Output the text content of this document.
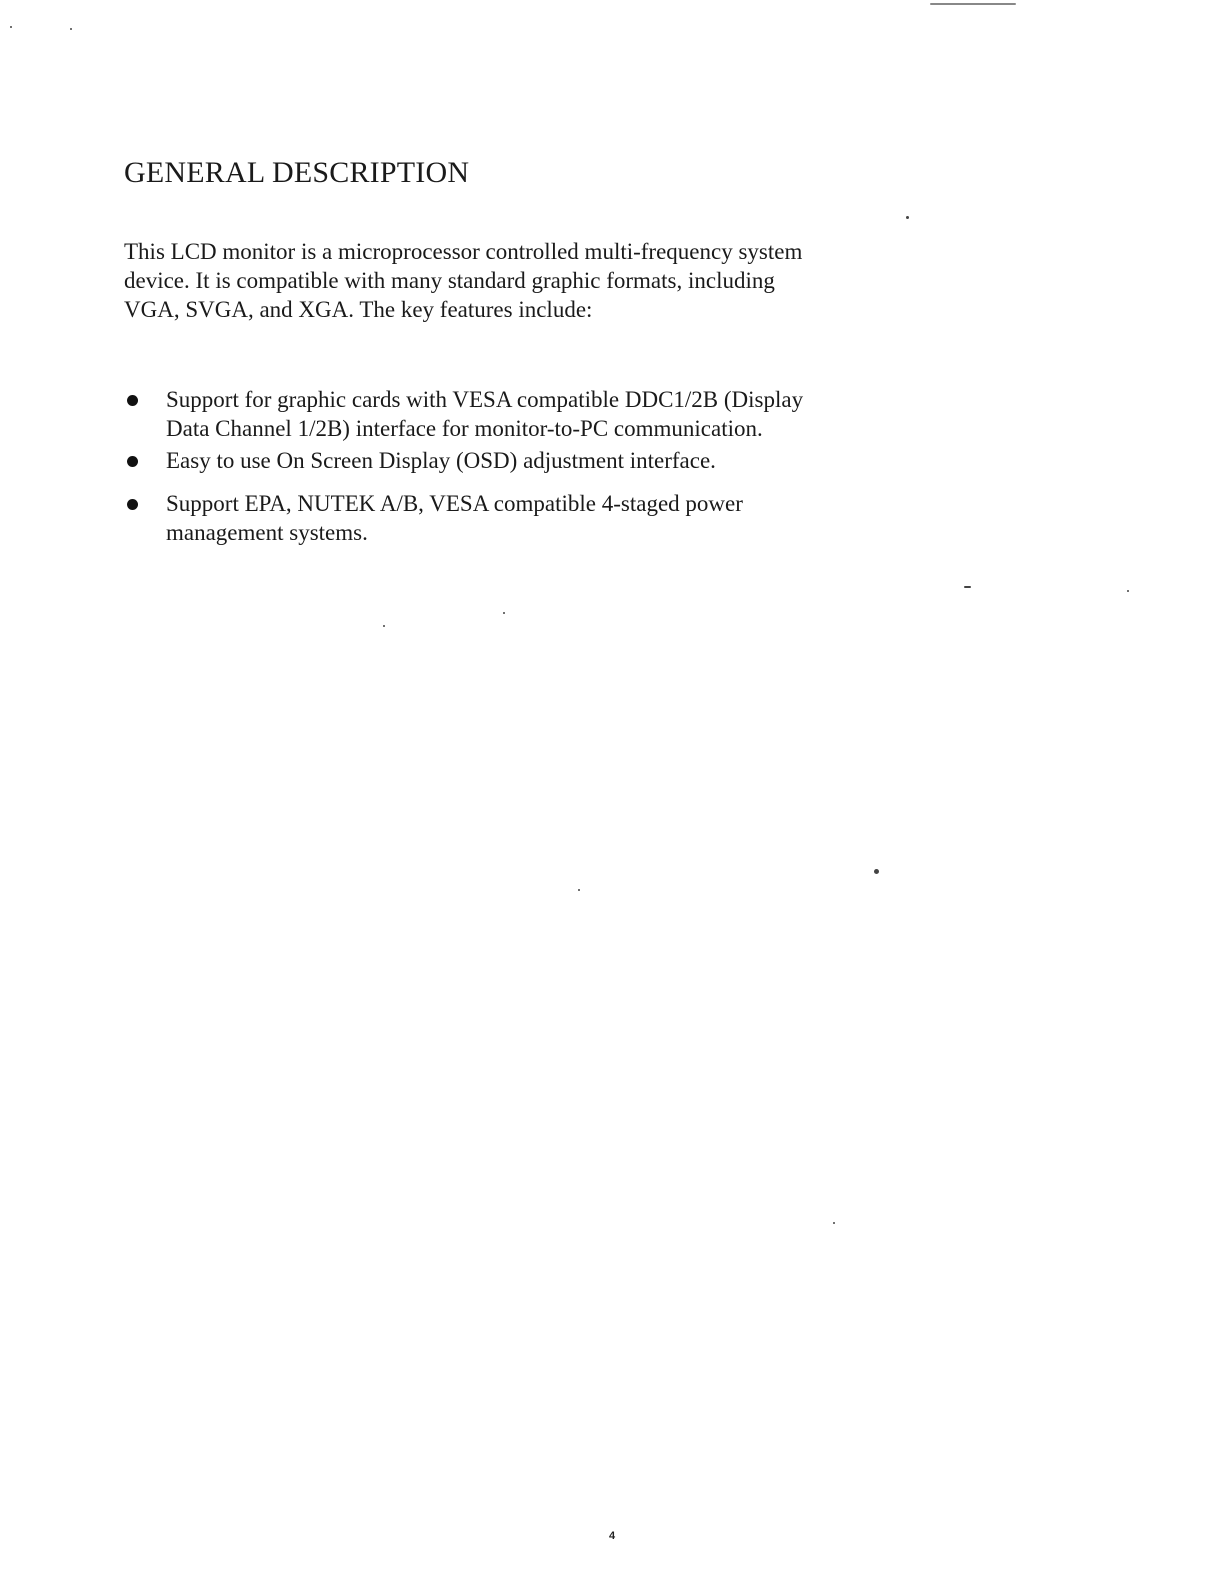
GENERAL DESCRIPTION

This LCD monitor is a microprocessor controlled multi-frequency system
device. It is compatible with many standard graphic formats, including
VGA, SVGA, and XGA. The key features include:

Support for graphic cards with VESA compatible DDC1/2B (Display
Data Channel 1/2B) interface for monitor-to-PC communication.
Easy to use On Screen Display (OSD) adjustment interface.
Support EPA, NUTEK A/B, VESA compatible 4-staged power
management systems.
4
